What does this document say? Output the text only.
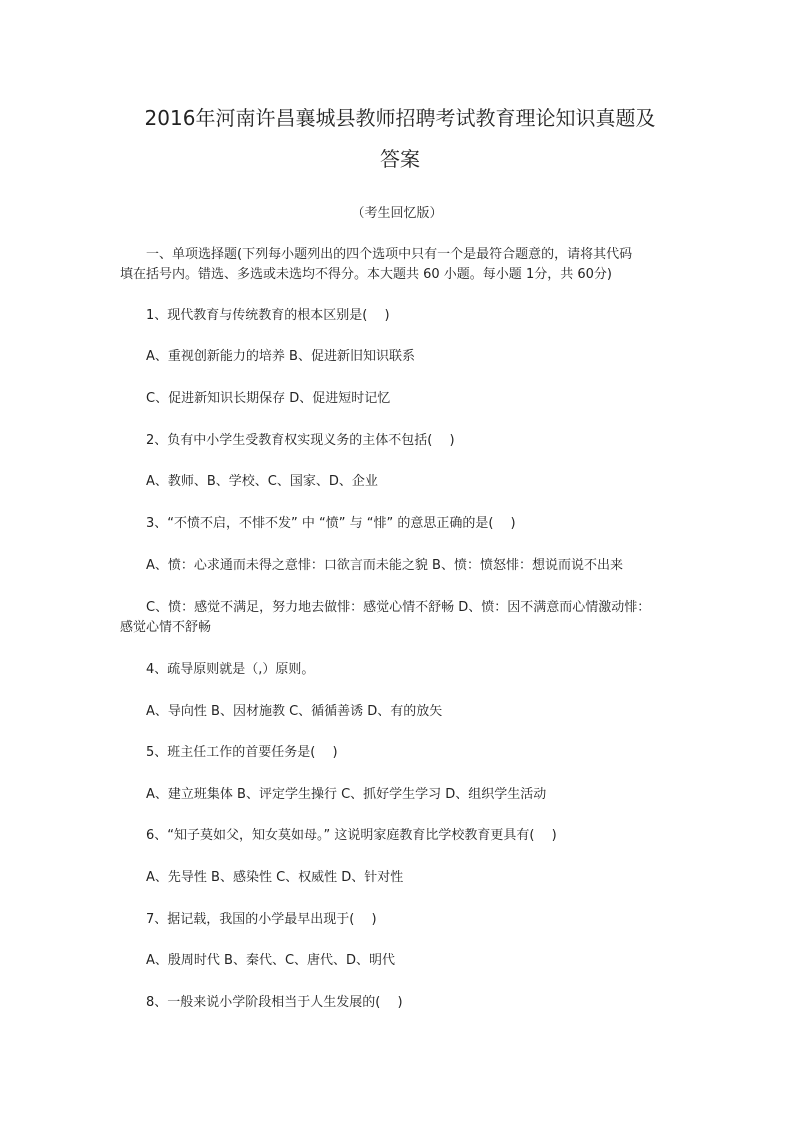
2016年河南许昌襄城县教师招聘考试教育理论知识真题及
答案
（考生回忆版）
一、单项选择题(下列每小题列出的四个选项中只有一个是最符合题意的，请将其代码
填在括号内。错选、多选或未选均不得分。本大题共 60 小题。每小题 1分，共 60分)
1、现代教育与传统教育的根本区别是(　 )
A、重视创新能力的培养 B、促进新旧知识联系
C、促进新知识长期保存 D、促进短时记忆
2、负有中小学生受教育权实现义务的主体不包括(　 )
A、教师、B、学校、C、国家、D、企业
3、“不愤不启，不悱不发” 中 “愤” 与 “悱” 的意思正确的是(　 )
A、愤：心求通而未得之意悱：口欲言而未能之貌 B、愤：愤怒悱：想说而说不出来
C、愤：感觉不满足，努力地去做悱：感觉心情不舒畅 D、愤：因不满意而心情激动悱：
感觉心情不舒畅
4、疏导原则就是（,）原则。
A、导向性 B、因材施教 C、循循善诱 D、有的放矢
5、班主任工作的首要任务是(　 )
A、建立班集体 B、评定学生操行 C、抓好学生学习 D、组织学生活动
6、“知子莫如父，知女莫如母。” 这说明家庭教育比学校教育更具有(　 )
A、先导性 B、感染性 C、权威性 D、针对性
7、据记载，我国的小学最早出现于(　 )
A、殷周时代 B、秦代、C、唐代、D、明代
8、一般来说小学阶段相当于人生发展的(　 )
